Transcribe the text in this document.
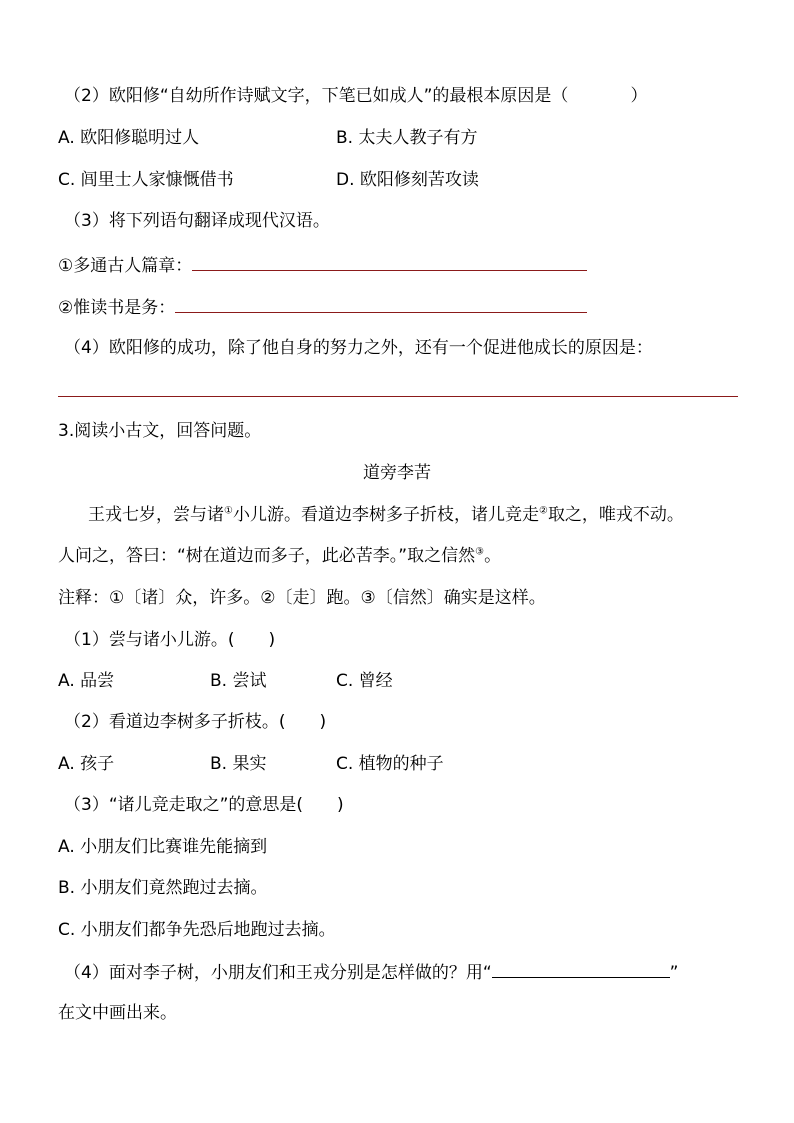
（2）欧阳修“自幼所作诗赋文字，下笔已如成人”的最根本原因是（	）
A. 欧阳修聪明过人	B. 太夫人教子有方
C. 闾里士人家慷慨借书	D. 欧阳修刻苦攻读
（3）将下列语句翻译成现代汉语。
①多通古人篇章：
②惟读书是务：
（4）欧阳修的成功，除了他自身的努力之外，还有一个促进他成长的原因是：
3.阅读小古文，回答问题。
道旁李苦
王戎七岁，尝与诸①小儿游。看道边李树多子折枝，诸儿竞走②取之，唯戎不动。
人问之，答曰：“树在道边而多子，此必苦李。”取之信然③。
注释：①〔诸〕众，许多。②〔走〕跑。③〔信然〕确实是这样。
（1）尝与诸小儿游。(　　)
A. 品尝	B. 尝试	C. 曾经
（2）看道边李树多子折枝。(　　)
A. 孩子	B. 果实	C. 植物的种子
（3）“诸儿竞走取之”的意思是(　　)
A. 小朋友们比赛谁先能摘到
B. 小朋友们竟然跑过去摘。
C. 小朋友们都争先恐后地跑过去摘。
（4）面对李子树，小朋友们和王戎分别是怎样做的？用“	”
在文中画出来。
